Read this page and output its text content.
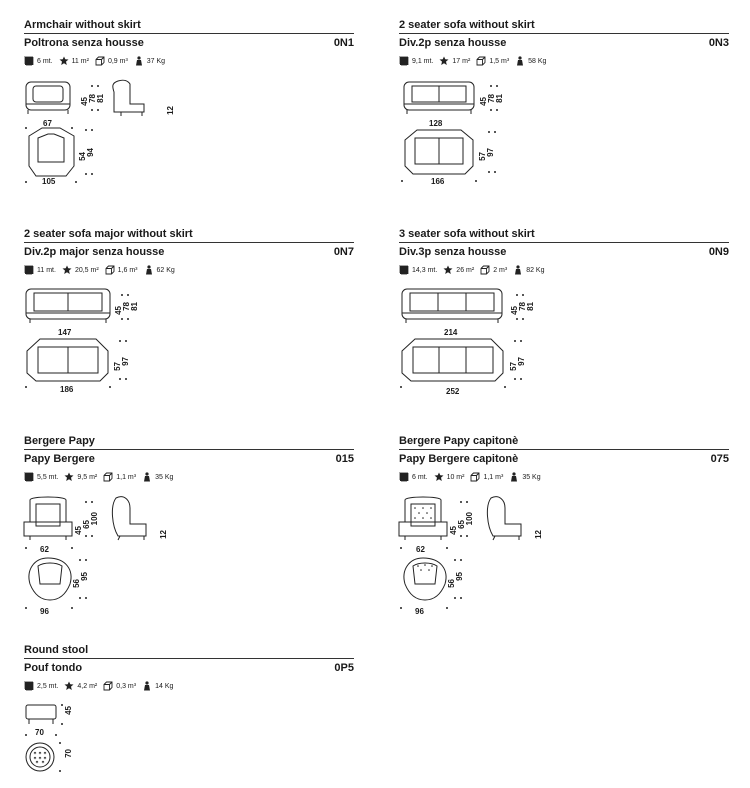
Armchair without skirt
Poltrona senza housse	0N1
6 mt.	11 m²	0,9 m³	37 Kg
67
45 78 81
12
54 94
105
2 seater sofa without skirt
Div.2p senza housse	0N3
9,1 mt.	17 m²	1,5 m³	58 Kg
128
45 78 81
57 97
166
2 seater sofa major without skirt
Div.2p major senza housse	0N7
11 mt.	20,5 m²	1,6 m³	62 Kg
147
45 78 81
57
97
186
3 seater sofa without skirt
Div.3p senza housse	0N9
14,3 mt.	26 m²	2 m³	82 Kg
214
45 78 81
57
97
252
Bergere Papy
Papy Bergere	015
5,5 mt.	9,5 m²	1,1 m³	35 Kg
62
45
65 100
12
56
95
96
Bergere Papy capitonè
Papy Bergere capitonè	075
6 mt.	10 m²	1,1 m³	35 Kg
62
45
65 100
12
56
95
96
Round stool
Pouf tondo	0P5
2,5 mt.	4,2 m²	0,3 m³	14 Kg
70
45
70
